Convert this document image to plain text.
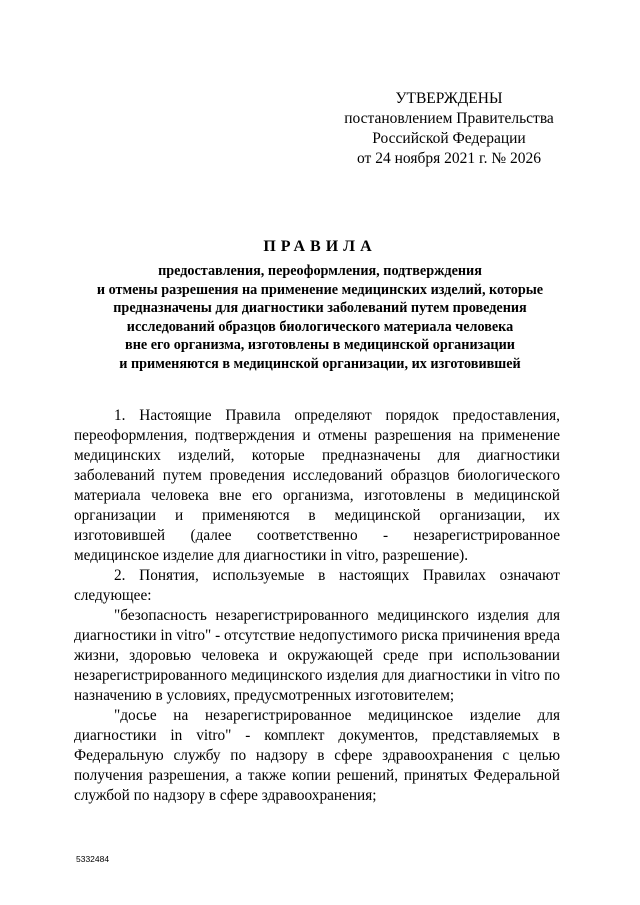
УТВЕРЖДЕНЫ
постановлением Правительства
Российской Федерации
от 24 ноября 2021 г. № 2026
ПРАВИЛА
предоставления, переоформления, подтверждения
и отмены разрешения на применение медицинских изделий, которые
предназначены для диагностики заболеваний путем проведения
исследований образцов биологического материала человека
вне его организма, изготовлены в медицинской организации
и применяются в медицинской организации, их изготовившей

1. Настоящие Правила определяют порядок предоставления, переоформления, подтверждения и отмены разрешения на применение медицинских изделий, которые предназначены для диагностики заболеваний путем проведения исследований образцов биологического материала человека вне его организма, изготовлены в медицинской организации и применяются в медицинской организации, их изготовившей (далее соответственно - незарегистрированное медицинское изделие для диагностики in vitro, разрешение).

2. Понятия, используемые в настоящих Правилах означают следующее:

"безопасность незарегистрированного медицинского изделия для диагностики in vitro" - отсутствие недопустимого риска причинения вреда жизни, здоровью человека и окружающей среде при использовании незарегистрированного медицинского изделия для диагностики in vitro по назначению в условиях, предусмотренных изготовителем;

"досье на незарегистрированное медицинское изделие для диагностики in vitro" - комплект документов, представляемых в Федеральную службу по надзору в сфере здравоохранения с целью получения разрешения, а также копии решений, принятых Федеральной службой по надзору в сфере здравоохранения;

5332484
